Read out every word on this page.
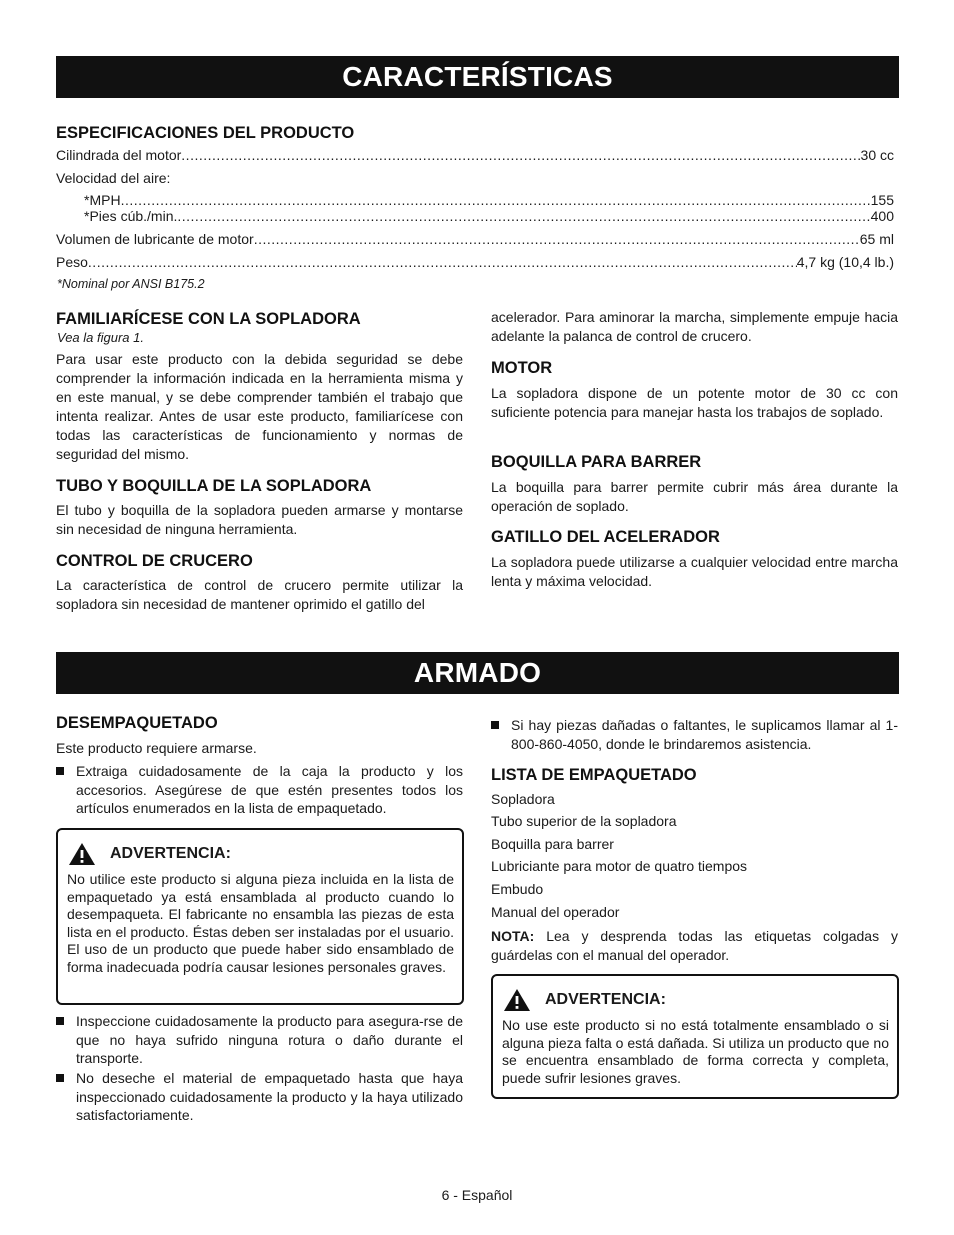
CARACTERÍSTICAS
ESPECIFICACIONES DEL PRODUCTO
Cilindrada del motor .....	30 cc
Velocidad del aire:
*MPH .....	155
*Pies cúb./min. .....	400
Volumen de lubricante de motor .....	65 ml
Peso .....	4,7 kg (10,4 lb.)
*Nominal por ANSI B175.2
FAMILIARÍCESE CON LA SOPLADORA
Vea la figura 1.
Para usar este producto con la debida seguridad se debe comprender la información indicada en la herramienta misma y en este manual, y se debe comprender también el trabajo que intenta realizar. Antes de usar este producto, familiarícese con todas las características de funcionamiento y normas de seguridad del mismo.
TUBO Y BOQUILLA DE LA SOPLADORA
El tubo y boquilla de la sopladora pueden armarse y montarse sin necesidad de ninguna herramienta.
CONTROL DE CRUCERO
La característica de control de crucero permite utilizar la sopladora sin necesidad de mantener oprimido el gatillo del
acelerador. Para aminorar la marcha, simplemente empuje hacia adelante la palanca de control de crucero.
MOTOR
La sopladora dispone de un potente motor de 30 cc con suficiente potencia para manejar hasta los trabajos de soplado.
BOQUILLA PARA BARRER
La boquilla para barrer permite cubrir más área durante la operación de soplado.
GATILLO DEL ACELERADOR
La sopladora puede utilizarse a cualquier velocidad entre marcha lenta y máxima velocidad.
ARMADO
DESEMPAQUETADO
Este producto requiere armarse.
Extraiga cuidadosamente de la caja la producto y los accesorios. Asegúrese de que estén presentes todos los artículos enumerados en la lista de empaquetado.
ADVERTENCIA:
No utilice este producto si alguna pieza incluida en la lista de empaquetado ya está ensamblada al producto cuando lo desempaqueta. El fabricante no ensambla las piezas de esta lista en el producto. Éstas deben ser instaladas por el usuario. El uso de un producto que puede haber sido ensamblado de forma inadecuada podría causar lesiones personales graves.
Inspeccione cuidadosamente la producto para asegura-rse de que no haya sufrido ninguna rotura o daño durante el transporte.
No deseche el material de empaquetado hasta que haya inspeccionado cuidadosamente la producto y la haya utilizado satisfactoriamente.
Si hay piezas dañadas o faltantes, le suplicamos llamar al 1-800-860-4050, donde le brindaremos asistencia.
LISTA DE EMPAQUETADO
Sopladora
Tubo superior de la sopladora
Boquilla para barrer
Lubriciante para motor de quatro tiempos
Embudo
Manual del operador
NOTA: Lea y desprenda todas las etiquetas colgadas y guárdelas con el manual del operador.
ADVERTENCIA:
No use este producto si no está totalmente ensamblado o si alguna pieza falta o está dañada. Si utiliza un producto que no se encuentra ensamblado de forma correcta y completa, puede sufrir lesiones graves.
6 - Español
